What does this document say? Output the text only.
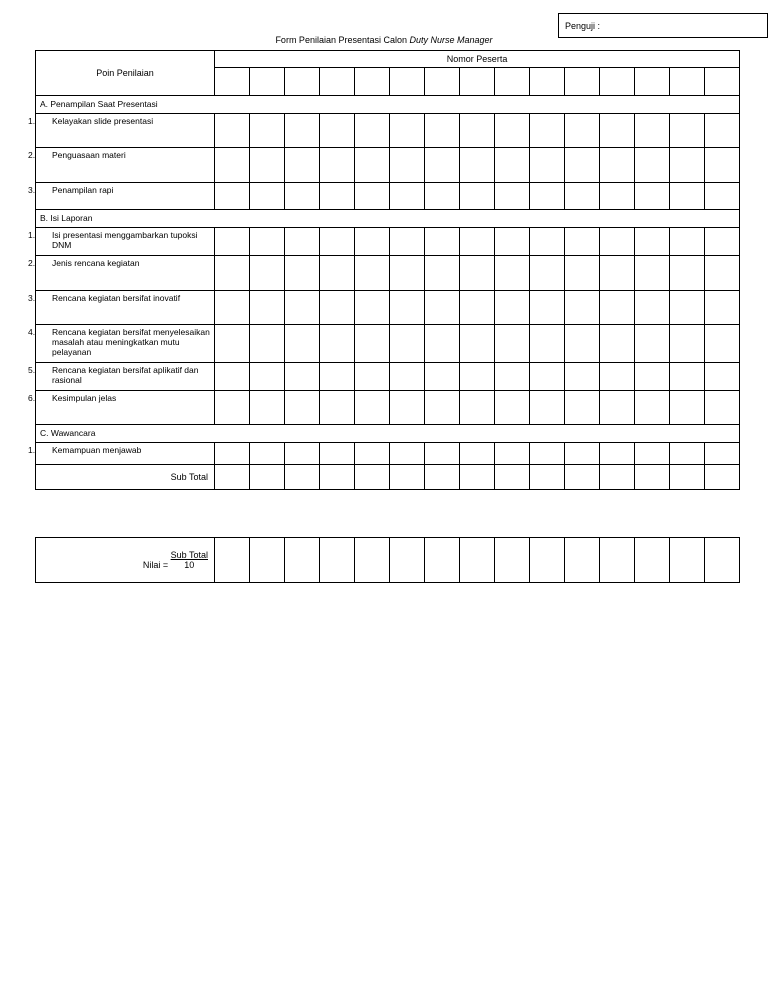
Penguji :
Form Penilaian Presentasi Calon Duty Nurse Manager
Poin Penilaian	Nomor Peserta														

A. Penampilan Saat Presentasi															
1. Kelayakan slide presentasi															
2. Penguasaan materi															
3. Penampilan rapi															
B. Isi Laporan															
1. Isi presentasi menggambarkan tupoksi DNM															
2. Jenis rencana kegiatan															
3. Rencana kegiatan bersifat inovatif															
4. Rencana kegiatan bersifat menyelesaikan masalah atau meningkatkan mutu pelayanan															
5. Rencana kegiatan bersifat aplikatif dan rasional															
6. Kesimpulan jelas															
C. Wawancara															
1. Kemampuan menjawab															
Sub Total															
Nilai = $\frac{\text{Sub Total}}{10}$															
